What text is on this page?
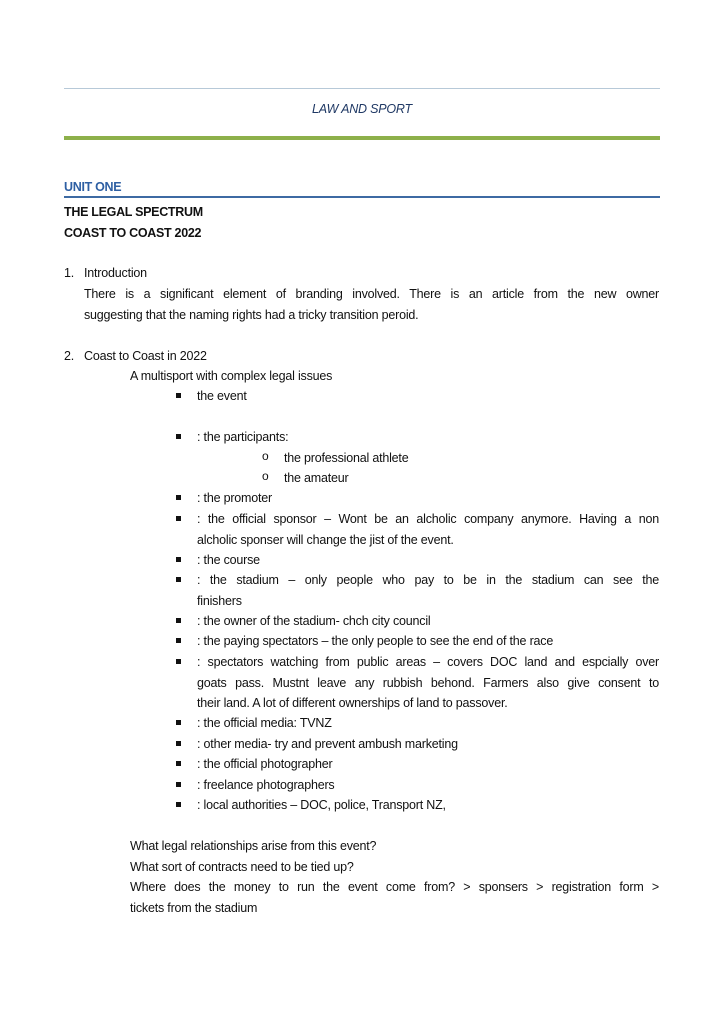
LAW AND SPORT
UNIT ONE
THE LEGAL SPECTRUM
COAST TO COAST 2022
1. Introduction
There is a significant element of branding involved. There is an article from the new owner
suggesting that the naming rights had a tricky transition peroid.
2. Coast to Coast in 2022
A multisport with complex legal issues
the event
: the participants:
o the professional athlete
o the amateur
: the promoter
: the official sponsor – Wont be an alcholic company anymore. Having a non
alcholic sponser will change the jist of the event.
: the course
: the stadium – only people who pay to be in the stadium can see the
finishers
: the owner of the stadium- chch city council
: the paying spectators – the only people to see the end of the race
: spectators watching from public areas – covers DOC land and espcially over
goats pass. Mustnt leave any rubbish behond. Farmers also give consent to
their land. A lot of different ownerships of land to passover.
: the official media: TVNZ
: other media- try and prevent ambush marketing
: the official photographer
: freelance photographers
: local authorities – DOC, police, Transport NZ,
What legal relationships arise from this event?
What sort of contracts need to be tied up?
Where does the money to run the event come from? > sponsers > registration form >
tickets from the stadium
